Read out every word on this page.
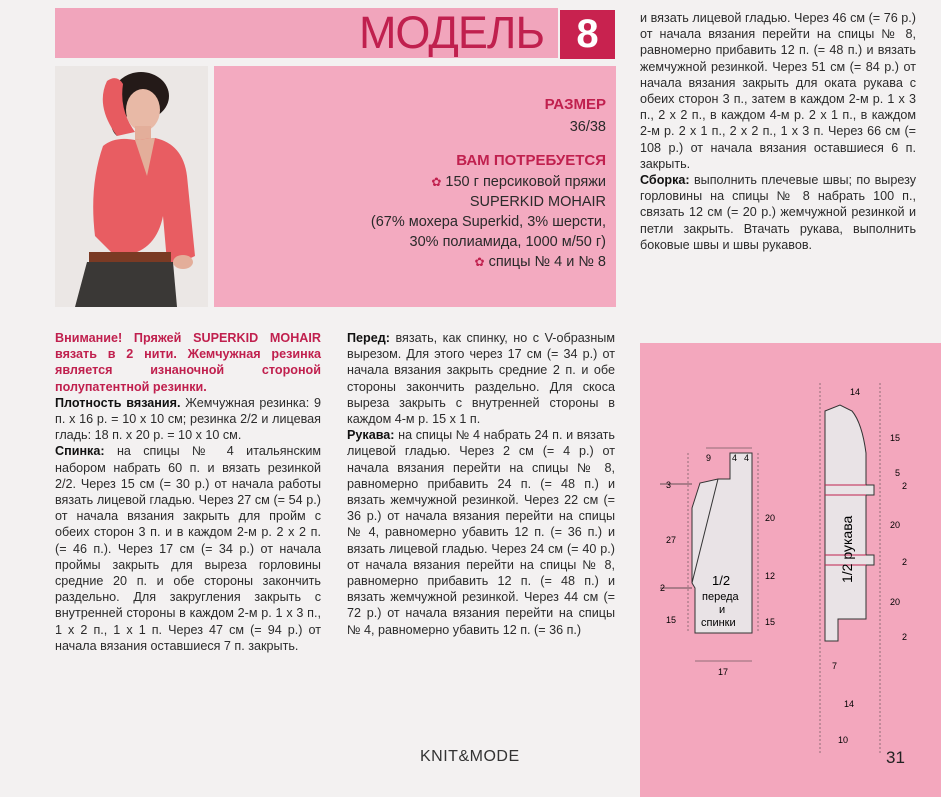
МОДЕЛЬ 8
РАЗМЕР
36/38
ВАМ ПОТРЕБУЕТСЯ
✿ 150 г персиковой пряжи
SUPERKID MOHAIR
(67% мохера Superkid, 3% шерсти,
30% полиамида, 1000 м/50 г)
✿ спицы № 4 и № 8

Внимание! Пряжей SUPERKID MOHAIR вязать в 2 нити. Жемчужная резинка является изнаночной стороной полупатентной резинки.

Плотность вязания. Жемчужная резинка: 9 п. х 16 р. = 10 х 10 см; резинка 2/2 и лицевая гладь: 18 п. х 20 р. = 10 х 10 см.

Спинка: на спицы № 4 итальянским набором набрать 60 п. и вязать резинкой 2/2. Через 15 см (= 30 р.) от начала работы вязать лицевой гладью. Через 27 см (= 54 р.) от начала вязания закрыть для пройм с обеих сторон 3 п. и в каждом 2-м р. 2 х 2 п. (= 46 п.). Через 17 см (= 34 р.) от начала проймы закрыть для выреза горловины средние 20 п. и обе стороны закончить раздельно. Для закругления закрыть с внутренней стороны в каждом 2-м р. 1 х 3 п., 1 х 2 п., 1 х 1 п. Через 47 см (= 94 р.) от начала вязания оставшиеся 7 п. закрыть.

Перед: вязать, как спинку, но с V-образным вырезом. Для этого через 17 см (= 34 р.) от начала вязания закрыть средние 2 п. и обе стороны закончить раздельно. Для скоса выреза закрыть с внутренней стороны в каждом 4-м р. 15 х 1 п.

Рукава: на спицы № 4 набрать 24 п. и вязать лицевой гладью. Через 2 см (= 4 р.) от начала вязания перейти на спицы № 8, равномерно прибавить 24 п. (= 48 п.) и вязать жемчужной резинкой. Через 22 см (= 36 р.) от начала вязания перейти на спицы № 4, равномерно убавить 12 п. (= 36 п.) и вязать лицевой гладью. Через 24 см (= 40 р.) от начала вязания перейти на спицы № 8, равномерно прибавить 12 п. (= 48 п.) и вязать жемчужной резинкой. Через 44 см (= 72 р.) от начала вязания перейти на спицы № 4, равномерно убавить 12 п. (= 36 п.)

и вязать лицевой гладью. Через 46 см (= 76 р.) от начала вязания перейти на спицы № 8, равномерно прибавить 12 п. (= 48 п.) и вязать жемчужной резинкой. Через 51 см (= 84 р.) от начала вязания закрыть для оката рукава с обеих сторон 3 п., затем в каждом 2-м р. 1 х 3 п., 2 х 2 п., в каждом 4-м р. 2 х 1 п., в каждом 2-м р. 2 х 1 п., 2 х 2 п., 1 х 3 п. Через 66 см (= 108 р.) от начала вязания оставшиеся 6 п. закрыть.

Сборка: выполнить плечевые швы; по вырезу горловины на спицы № 8 набрать 100 п., связать 12 см (= 20 р.) жемчужной резинкой и петли закрыть. Втачать рукава, выполнить боковые швы и швы рукавов.

9 4 4
3
27
2
15
20
12
15
17
1/2
переда
и
спинки
14
15
5
2
20
2
20
2
7
14
10
1/2 рукава
KNIT&MODE	31
